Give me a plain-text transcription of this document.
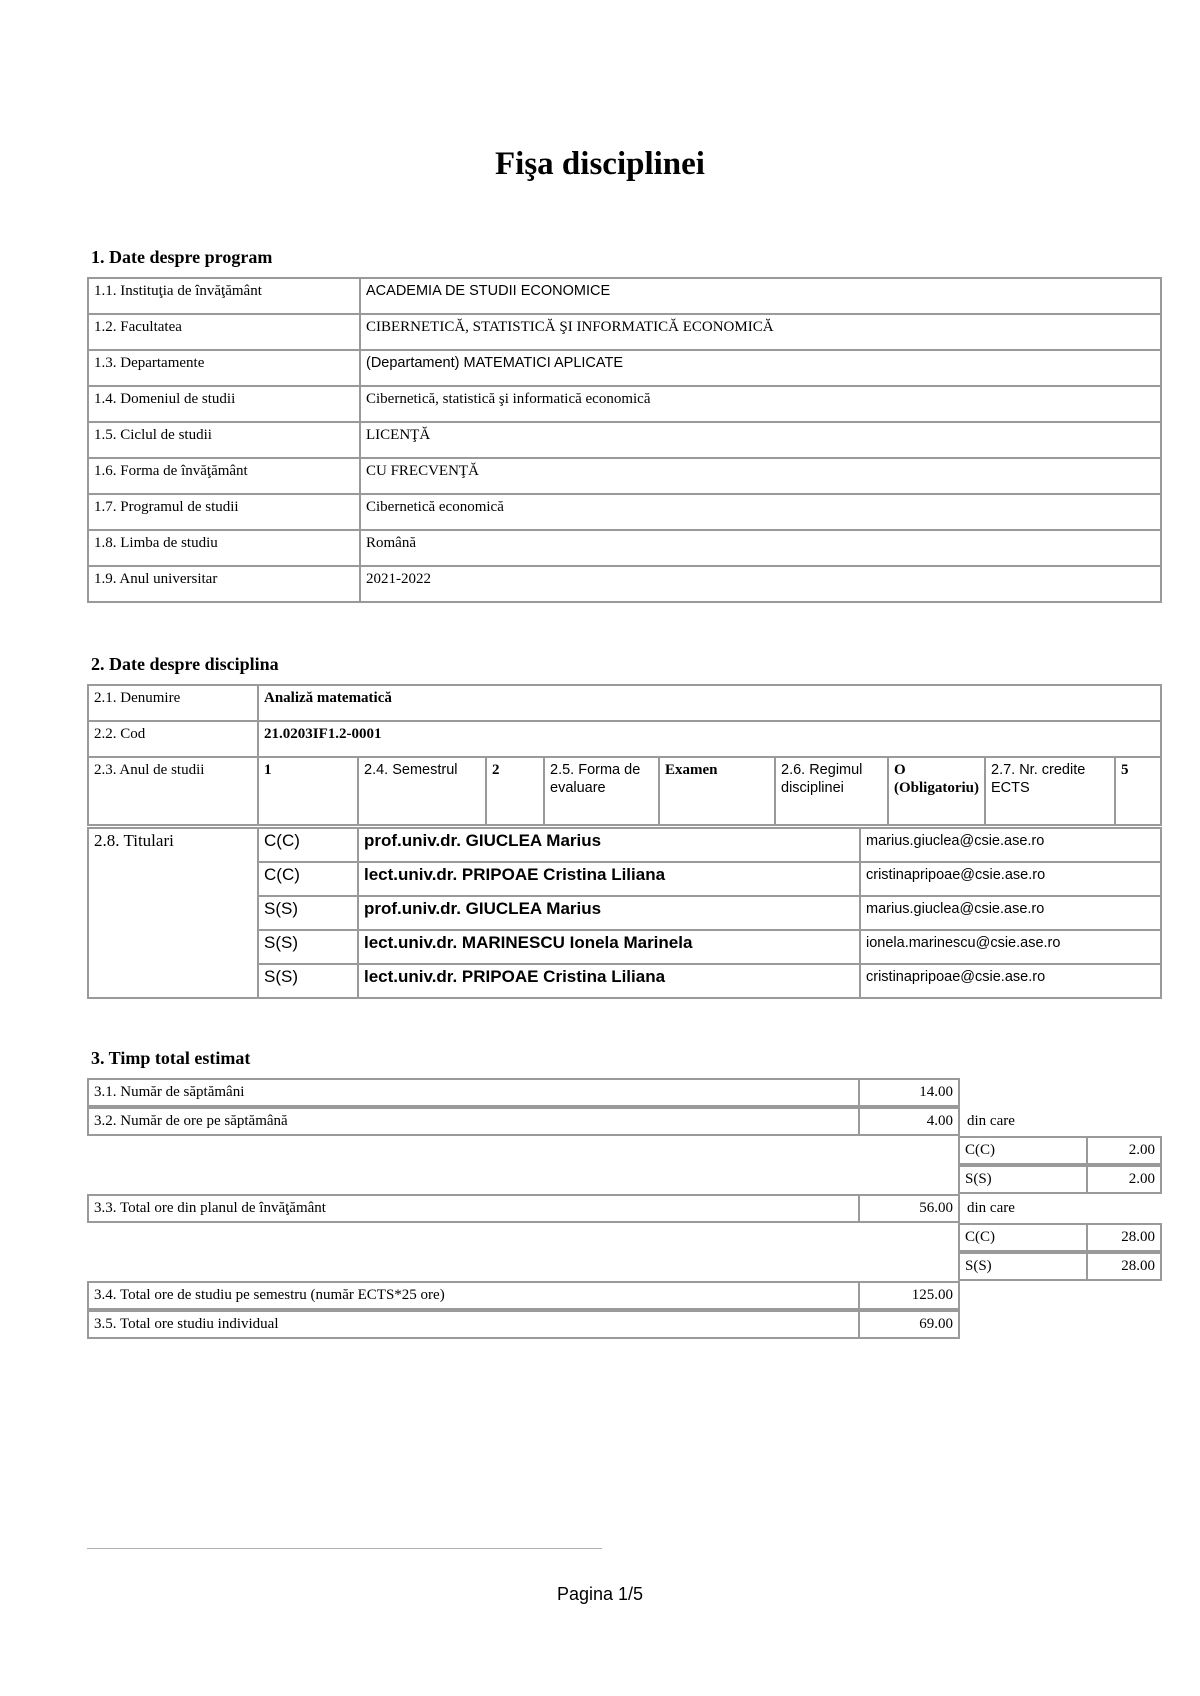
Fişa disciplinei
1. Date despre program
1.1. Instituţia de învăţământ	ACADEMIA DE STUDII ECONOMICE
1.2. Facultatea	CIBERNETICĂ, STATISTICĂ ŞI INFORMATICĂ ECONOMICĂ
1.3. Departamente	(Departament) MATEMATICI APLICATE
1.4. Domeniul de studii	Cibernetică, statistică şi informatică economică
1.5. Ciclul de studii	LICENŢĂ
1.6. Forma de învăţământ	CU FRECVENŢĂ
1.7. Programul de studii	Cibernetică economică
1.8. Limba de studiu	Română
1.9. Anul universitar	2021-2022
2. Date despre disciplina
2.1. Denumire	Analiză matematică								
2.2. Cod	21.0203IF1.2-0001								
2.3. Anul de studii	1	2.4. Semestrul	2	2.5. Forma de evaluare	Examen	2.6. Regimul disciplinei	O (Obligatoriu)	2.7. Nr. credite ECTS	5
2.8. Titulari	C(C)	prof.univ.dr. GIUCLEA Marius	marius.giuclea@csie.ase.ro
	C(C)	lect.univ.dr. PRIPOAE Cristina Liliana	cristinapripoae@csie.ase.ro
	S(S)	prof.univ.dr. GIUCLEA Marius	marius.giuclea@csie.ase.ro
	S(S)	lect.univ.dr. MARINESCU Ionela Marinela	ionela.marinescu@csie.ase.ro
	S(S)	lect.univ.dr. PRIPOAE Cristina Liliana	cristinapripoae@csie.ase.ro
3. Timp total estimat
3.1. Număr de săptămâni	14.00
3.2. Număr de ore pe săptămână	4.00 din care
C(C)	2.00
S(S)	2.00
3.3. Total ore din planul de învăţământ	56.00 din care
C(C)	28.00
S(S)	28.00
3.4. Total ore de studiu pe semestru (număr ECTS*25 ore)	125.00
3.5. Total ore studiu individual	69.00
Pagina 1/5
